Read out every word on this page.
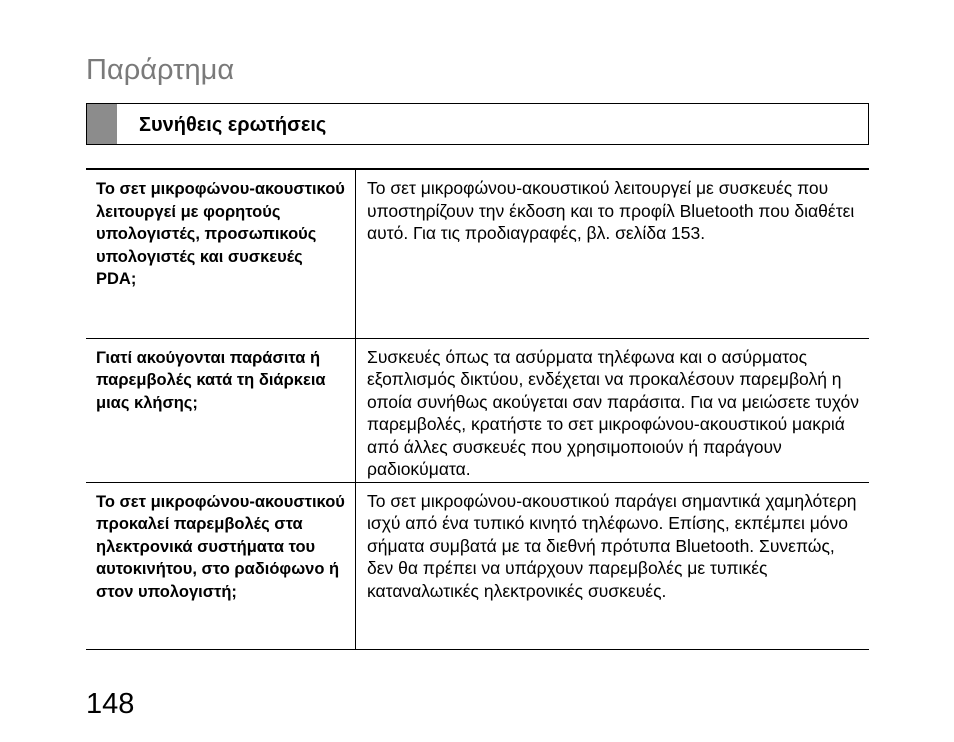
Παράρτημα
Συνήθεις ερωτήσεις
Το σετ μικροφώνου-ακουστικού λειτουργεί με φορητούς υπολογιστές, προσωπικούς υπολογιστές και συσκευές PDA;	Το σετ μικροφώνου-ακουστικού λειτουργεί με συσκευές που υποστηρίζουν την έκδοση και το προφίλ Bluetooth που διαθέτει αυτό. Για τις προδιαγραφές, βλ. σελίδα 153.
Γιατί ακούγονται παράσιτα ή παρεμβολές κατά τη διάρκεια μιας κλήσης;	Συσκευές όπως τα ασύρματα τηλέφωνα και ο ασύρματος εξοπλισμός δικτύου, ενδέχεται να προκαλέσουν παρεμβολή η οποία συνήθως ακούγεται σαν παράσιτα. Για να μειώσετε τυχόν παρεμβολές, κρατήστε το σετ μικροφώνου-ακουστικού μακριά από άλλες συσκευές που χρησιμοποιούν ή παράγουν ραδιοκύματα.
Το σετ μικροφώνου-ακουστικού προκαλεί παρεμβολές στα ηλεκτρονικά συστήματα του αυτοκινήτου, στο ραδιόφωνο ή στον υπολογιστή;	Το σετ μικροφώνου-ακουστικού παράγει σημαντικά χαμηλότερη ισχύ από ένα τυπικό κινητό τηλέφωνο. Επίσης, εκπέμπει μόνο σήματα συμβατά με τα διεθνή πρότυπα Bluetooth. Συνεπώς, δεν θα πρέπει να υπάρχουν παρεμβολές με τυπικές καταναλωτικές ηλεκτρονικές συσκευές.
148
